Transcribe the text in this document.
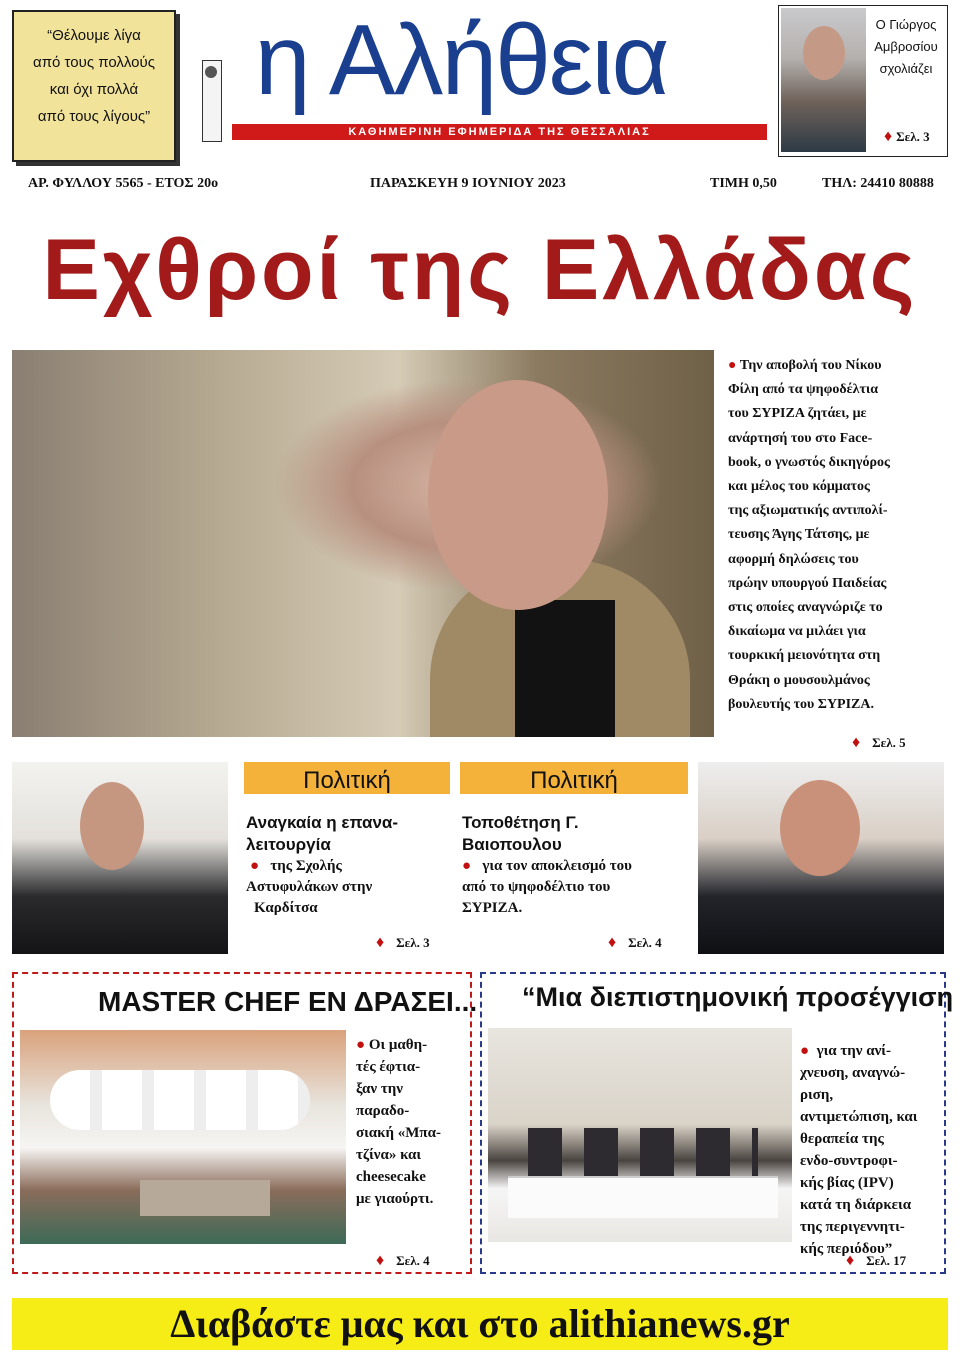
“Θέλουμε λίγα
από τους πολλούς
και όχι πολλά
από τους λίγους”
η Αλήθεια
ΚΑΘΗΜΕΡΙΝΗ ΕΦΗΜΕΡΙΔΑ ΤΗΣ ΘΕΣΣΑΛΙΑΣ
Ο Γιώργος
Αμβροσίου
σχολιάζει
♦ Σελ. 3
ΑΡ. ΦΥΛΛΟΥ 5565 - ΕΤΟΣ 20ο	ΠΑΡΑΣΚΕΥΗ 9 ΙΟΥΝΙΟΥ 2023	ΤΙΜΗ 0,50	ΤΗΛ: 24410 80888
Εχθροί της Ελλάδας
● Την αποβολή του Νίκου
Φίλη από τα ψηφοδέλτια
του ΣΥΡΙΖΑ ζητάει, με
ανάρτησή του στο Face-
book, ο γνωστός δικηγόρος
και μέλος του κόμματος
της αξιωματικής αντιπολί-
τευσης Άγης Τάτσης, με
αφορμή δηλώσεις του
πρώην υπουργού Παιδείας
στις οποίες αναγνώριζε το
δικαίωμα να μιλάει για
τουρκική μειονότητα στη
Θράκη ο μουσουλμάνος
βουλευτής του ΣΥΡΙΖΑ.
♦ Σελ. 5
Πολιτική
Αναγκαία η επανα-
λειτουργία
● της Σχολής
Αστυφυλάκων στην
Καρδίτσα
♦ Σελ. 3
Πολιτική
Τοποθέτηση Γ.
Βαιοπουλου
● για τον αποκλεισμό του
από το ψηφοδέλτιο του
ΣΥΡΙΖΑ.
♦ Σελ. 4
MASTER CHEF ΕΝ ΔΡΑΣΕΙ...
● Οι μαθη-
τές έφτια-
ξαν την
παραδο-
σιακή «Μπα-
τζίνα» και
cheesecake
με γιαούρτι.
♦ Σελ. 4
“Μια διεπιστημονική προσέγγιση
● για την ανί-
χνευση, αναγνώ-
ριση,
αντιμετώπιση, και
θεραπεία της
ενδο-συντροφι-
κής βίας (IPV)
κατά τη διάρκεια
της περιγεννητι-
κής περιόδου”
♦ Σελ. 17
Διαβάστε μας και στο alithianews.gr
